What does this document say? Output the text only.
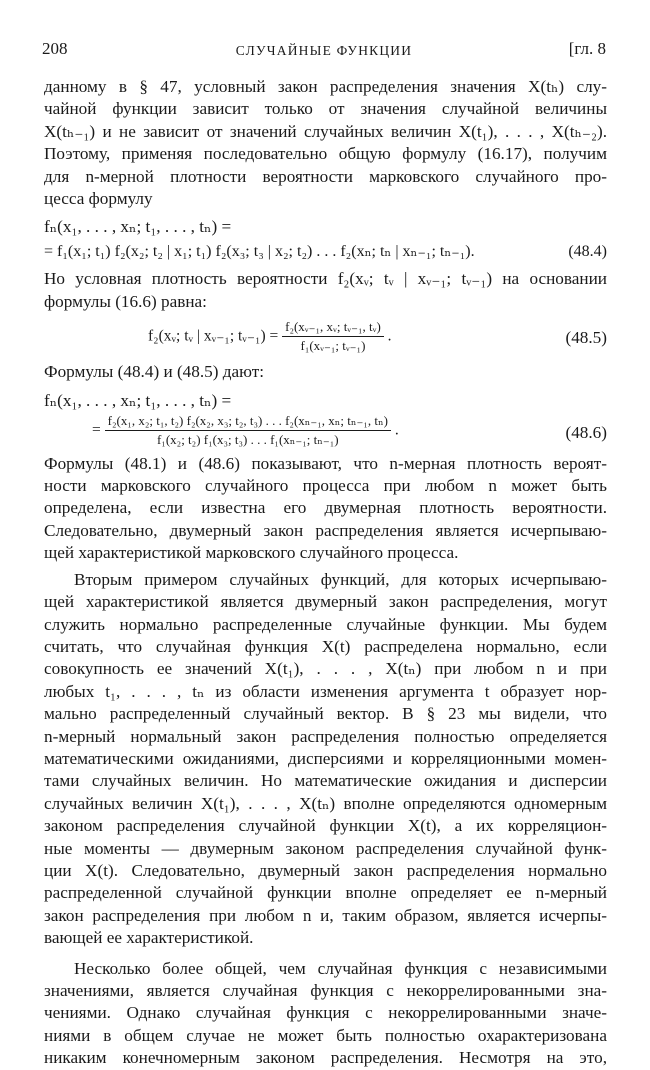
208	СЛУЧАЙНЫЕ ФУНКЦИИ	[гл. 8
данному в § 47, условный закон распределения значения X(tₕ) слу-
чайной функции зависит только от значения случайной величины
X(tₕ₋₁) и не зависит от значений случайных величин X(t₁), . . . , X(tₕ₋₂).
Поэтому, применяя последовательно общую формулу (16.17), получим
для n-мерной плотности вероятности марковского случайного про-
цесса формулу
fₙ(x₁, . . . , xₙ; t₁, . . . , tₙ) =
= f₁(x₁; t₁) f₂(x₂; t₂ | x₁; t₁) f₂(x₃; t₃ | x₂; t₂) . . . f₂(xₙ; tₙ | xₙ₋₁; tₙ₋₁).	(48.4)
Но условная плотность вероятности f₂(xᵥ; tᵥ | xᵥ₋₁; tᵥ₋₁) на основании
формулы (16.6) равна:
f₂(xᵥ; tᵥ | xᵥ₋₁; tᵥ₋₁) = $\frac{\text{f₂(xᵥ₋₁, xᵥ; tᵥ₋₁, tᵥ)}}{\text{f₁(xᵥ₋₁; tᵥ₋₁)}}$ .	(48.5)
Формулы (48.4) и (48.5) дают:
fₙ(x₁, . . . , xₙ; t₁, . . . , tₙ) =
=
f₂(x₁, x₂; t₁, t₂) f₂(x₂, x₃; t₂, t₃) . . . f₂(xₙ₋₁, xₙ; tₙ₋₁, tₙ)
f₁(x₂; t₂) f₁(x₃; t₃) . . . f₁(xₙ₋₁; tₙ₋₁)
.	(48.6)
Формулы (48.1) и (48.6) показывают, что n-мерная плотность вероят-
ности марковского случайного процесса при любом n может быть
определена, если известна его двумерная плотность вероятности.
Следовательно, двумерный закон распределения является исчерпываю-
щей характеристикой марковского случайного процесса.
Вторым примером случайных функций, для которых исчерпываю-
щей характеристикой является двумерный закон распределения, могут
служить нормально распределенные случайные функции. Мы будем
считать, что случайная функция X(t) распределена нормально, если
совокупность ее значений X(t₁), . . . , X(tₙ) при любом n и при
любых t₁, . . . , tₙ из области изменения аргумента t образует нор-
мально распределенный случайный вектор. В § 23 мы видели, что
n-мерный нормальный закон распределения полностью определяется
математическими ожиданиями, дисперсиями и корреляционными момен-
тами случайных величин. Но математические ожидания и дисперсии
случайных величин X(t₁), . . . , X(tₙ) вполне определяются одномерным
законом распределения случайной функции X(t), а их корреляцион-
ные моменты — двумерным законом распределения случайной функ-
ции X(t). Следовательно, двумерный закон распределения нормально
распределенной случайной функции вполне определяет ее n-мерный
закон распределения при любом n и, таким образом, является исчерпы-
вающей ее характеристикой.
Несколько более общей, чем случайная функция с независимыми
значениями, является случайная функция с некоррелированными зна-
чениями. Однако случайная функция с некоррелированными значе-
ниями в общем случае не может быть полностью охарактеризована
никаким конечномерным законом распределения. Несмотря на это,
